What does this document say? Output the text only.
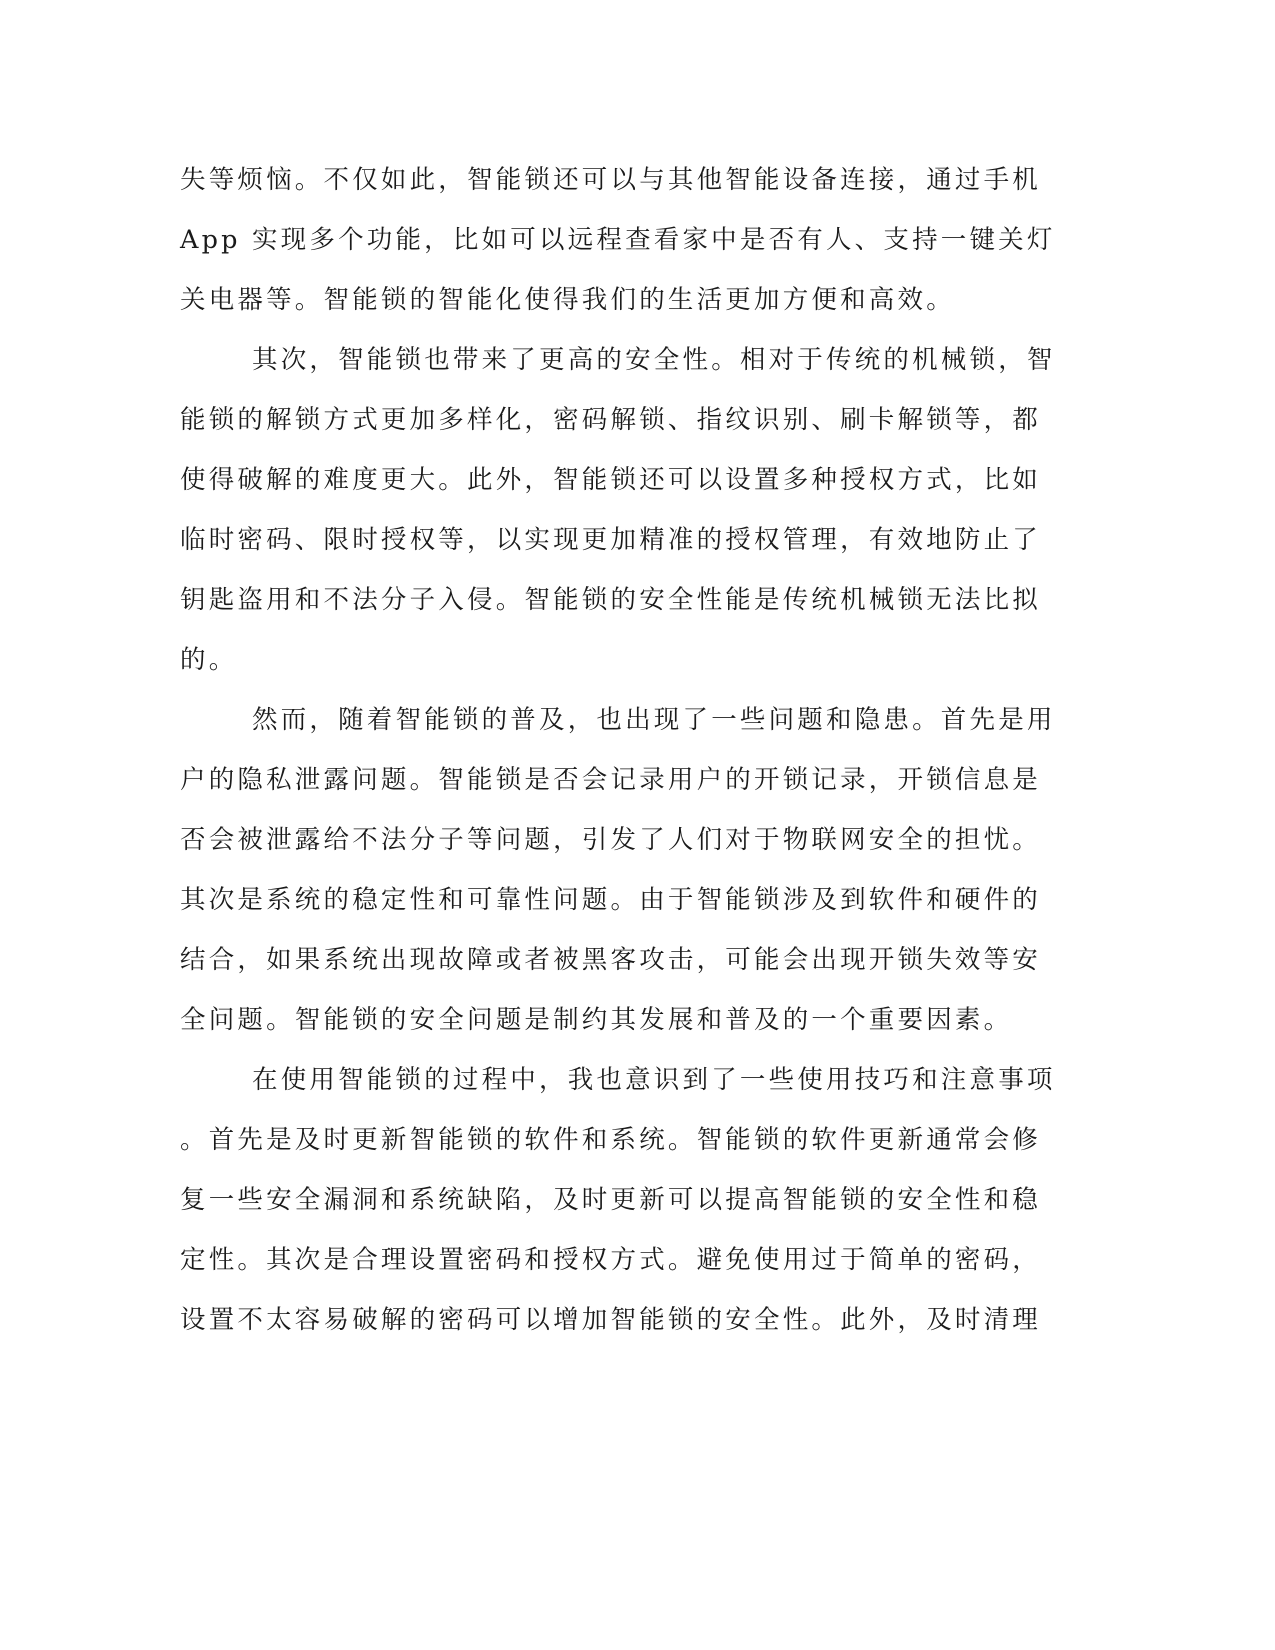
失等烦恼。不仅如此，智能锁还可以与其他智能设备连接，通过手机
App 实现多个功能，比如可以远程查看家中是否有人、支持一键关灯
关电器等。智能锁的智能化使得我们的生活更加方便和高效。
其次，智能锁也带来了更高的安全性。相对于传统的机械锁，智
能锁的解锁方式更加多样化，密码解锁、指纹识别、刷卡解锁等，都
使得破解的难度更大。此外，智能锁还可以设置多种授权方式，比如
临时密码、限时授权等，以实现更加精准的授权管理，有效地防止了
钥匙盗用和不法分子入侵。智能锁的安全性能是传统机械锁无法比拟
的。
然而，随着智能锁的普及，也出现了一些问题和隐患。首先是用
户的隐私泄露问题。智能锁是否会记录用户的开锁记录，开锁信息是
否会被泄露给不法分子等问题，引发了人们对于物联网安全的担忧。
其次是系统的稳定性和可靠性问题。由于智能锁涉及到软件和硬件的
结合，如果系统出现故障或者被黑客攻击，可能会出现开锁失效等安
全问题。智能锁的安全问题是制约其发展和普及的一个重要因素。
在使用智能锁的过程中，我也意识到了一些使用技巧和注意事项
。首先是及时更新智能锁的软件和系统。智能锁的软件更新通常会修
复一些安全漏洞和系统缺陷，及时更新可以提高智能锁的安全性和稳
定性。其次是合理设置密码和授权方式。避免使用过于简单的密码，
设置不太容易破解的密码可以增加智能锁的安全性。此外，及时清理
